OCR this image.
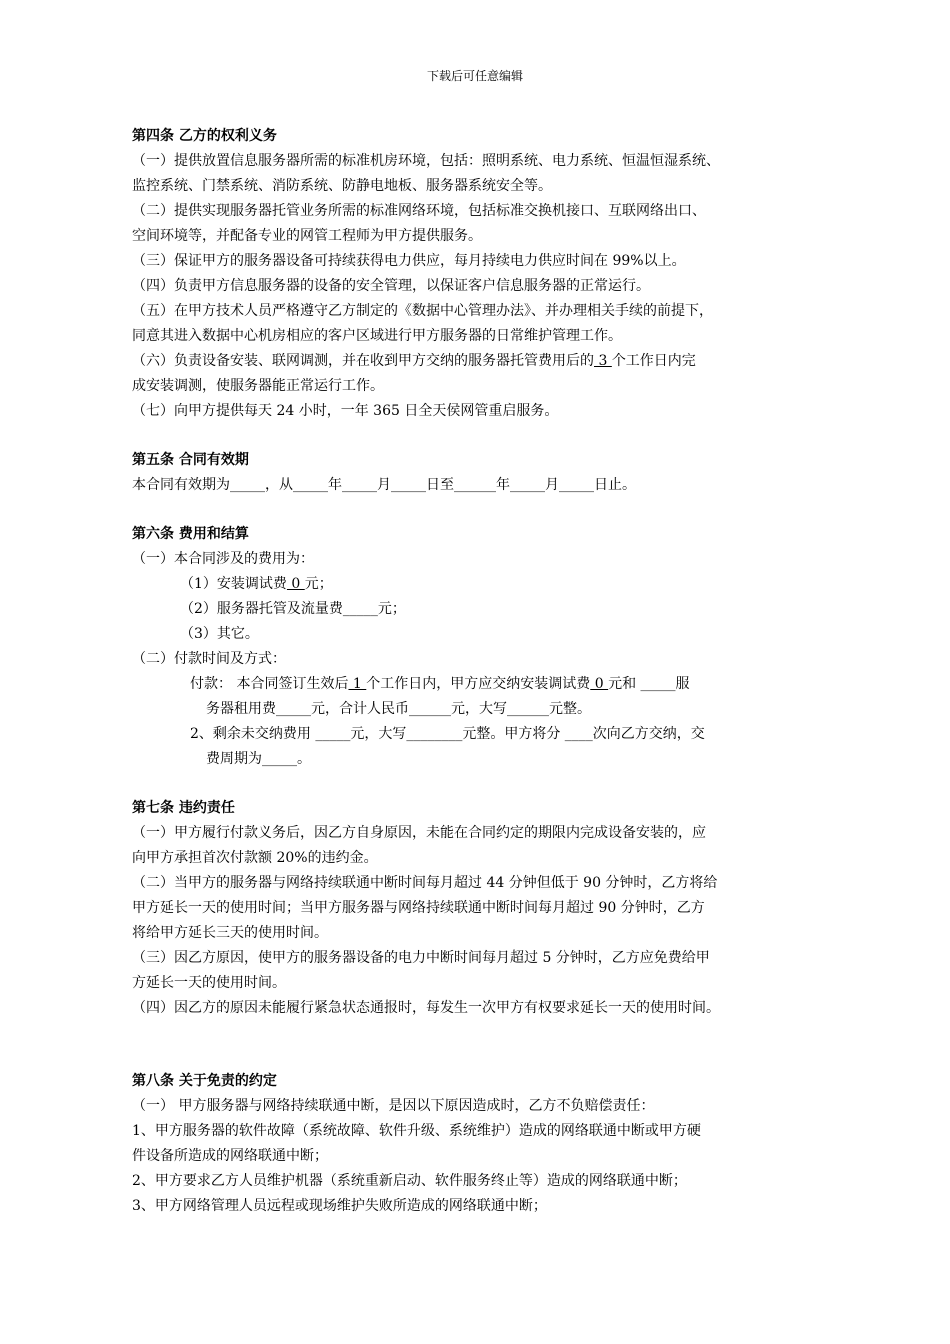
下载后可任意编辑
第四条 乙方的权利义务
（一）提供放置信息服务器所需的标准机房环境，包括：照明系统、电力系统、恒温恒湿系统、
监控系统、门禁系统、消防系统、防静电地板、服务器系统安全等。
（二）提供实现服务器托管业务所需的标准网络环境，包括标准交换机接口、互联网络出口、
空间环境等，并配备专业的网管工程师为甲方提供服务。
（三）保证甲方的服务器设备可持续获得电力供应，每月持续电力供应时间在 99%以上。
（四）负责甲方信息服务器的设备的安全管理，以保证客户信息服务器的正常运行。
（五）在甲方技术人员严格遵守乙方制定的《数据中心管理办法》、并办理相关手续的前提下，
同意其进入数据中心机房相应的客户区域进行甲方服务器的日常维护管理工作。
（六）负责设备安装、联网调测，并在收到甲方交纳的服务器托管费用后的 3 个工作日内完
成安装调测，使服务器能正常运行工作。
（七）向甲方提供每天 24 小时，一年 365 日全天侯网管重启服务。
第五条 合同有效期
本合同有效期为_____，从_____年_____月_____日至______年_____月_____日止。
第六条 费用和结算
（一）本合同涉及的费用为：
（1）安装调试费 0 元；
（2）服务器托管及流量费_____元；
（3）其它。
（二）付款时间及方式：
付款： 本合同签订生效后 1 个工作日内，甲方应交纳安装调试费 0 元和 _____服
务器租用费_____元，合计人民币______元，大写______元整。
2、剩余未交纳费用 _____元，大写________元整。甲方将分 ____次向乙方交纳，交
费周期为_____。
第七条 违约责任
（一）甲方履行付款义务后，因乙方自身原因，未能在合同约定的期限内完成设备安装的，应
向甲方承担首次付款额 20%的违约金。
（二）当甲方的服务器与网络持续联通中断时间每月超过 44 分钟但低于 90 分钟时，乙方将给
甲方延长一天的使用时间；当甲方服务器与网络持续联通中断时间每月超过 90 分钟时，乙方
将给甲方延长三天的使用时间。
（三）因乙方原因，使甲方的服务器设备的电力中断时间每月超过 5 分钟时，乙方应免费给甲
方延长一天的使用时间。
（四）因乙方的原因未能履行紧急状态通报时，每发生一次甲方有权要求延长一天的使用时间。
第八条 关于免责的约定
（一） 甲方服务器与网络持续联通中断，是因以下原因造成时，乙方不负赔偿责任：
1、甲方服务器的软件故障（系统故障、软件升级、系统维护）造成的网络联通中断或甲方硬
件设备所造成的网络联通中断；
2、甲方要求乙方人员维护机器（系统重新启动、软件服务终止等）造成的网络联通中断；
3、甲方网络管理人员远程或现场维护失败所造成的网络联通中断；
